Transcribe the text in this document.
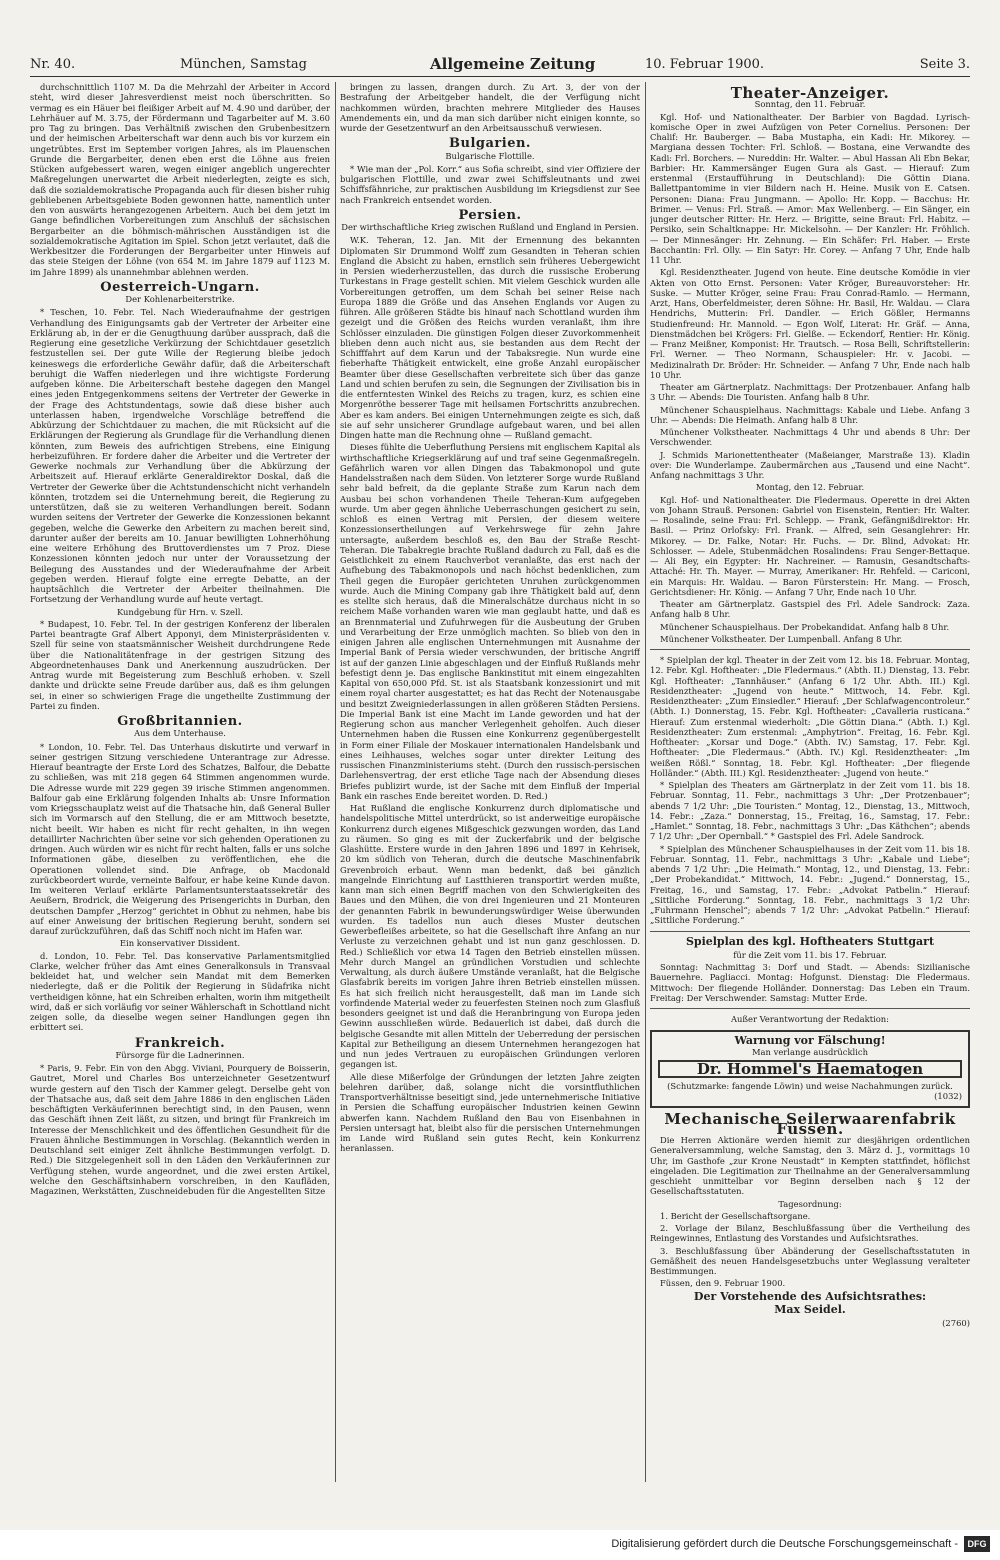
Nr. 40.	München, Samstag	Allgemeine Zeitung	10. Februar 1900.	Seite 3.

durchschnittlich 1107 M. Da die Mehrzahl der Arbeiter in Accord steht, wird dieser Jahresverdienst meist noch überschritten. So vermag es ein Häuer bei fleißiger Arbeit auf M. 4.90 und darüber, der Lehrhäuer auf M. 3.75, der Fördermann und Tagarbeiter auf M. 3.60 pro Tag zu bringen. Das Verhältniß zwischen den Grubenbesitzern und der heimischen Arbeiterschaft war denn auch bis vor kurzem ein ungetrübtes. Erst im September vorigen Jahres, als im Plauenschen Grunde die Bergarbeiter, denen eben erst die Löhne aus freien Stücken aufgebessert waren, wegen einiger angeblich ungerechter Maßregelungen unerwartet die Arbeit niederlegten, zeigte es sich, daß die sozialdemokratische Propaganda auch für diesen bisher ruhig gebliebenen Arbeitsgebiete Boden gewonnen hatte, namentlich unter den von auswärts herangezogenen Arbeitern. Auch bei dem jetzt im Gange befindlichen Vorbereitungen zum Anschluß der sächsischen Bergarbeiter an die böhmisch-mährischen Ausständigen ist die sozialdemokratische Agitation im Spiel. Schon jetzt verlautet, daß die Werkbesitzer die Forderungen der Bergarbeiter unter Hinweis auf das steie Steigen der Löhne (von 654 M. im Jahre 1879 auf 1123 M. im Jahre 1899) als unannehmbar ablehnen werden.

Oesterreich-Ungarn.
Der Kohlenarbeiterstrike.

* Teschen, 10. Febr. Tel. Nach Wiederaufnahme der gestrigen Verhandlung des Einigungsamts gab der Vertreter der Arbeiter eine Erklärung ab, in der er die Genugthuung darüber aussprach, daß die Regierung eine gesetzliche Verkürzung der Schichtdauer gesetzlich festzustellen sei. Der gute Wille der Regierung bleibe jedoch keineswegs die erforderliche Gewähr dafür, daß die Arbeiterschaft beruhigt die Waffen niederlegen und ihre wichtigste Forderung aufgeben könne. Die Arbeiterschaft bestehe dagegen den Mangel eines jeden Entgegenkommens seitens der Vertreter der Gewerke in der Frage des Achtstundentags, sowie daß diese bisher auch unterlassen haben, irgendwelche Vorschläge betreffend die Abkürzung der Schichtdauer zu machen, die mit Rücksicht auf die Erklärungen der Regierung als Grundlage für die Verhandlung dienen könnten, zum Beweis des aufrichtigen Strebens, eine Einigung herbeizuführen. Er fordere daher die Arbeiter und die Vertreter der Gewerke nochmals zur Verhandlung über die Abkürzung der Arbeitszeit auf. Hierauf erklärte Generaldirektor Doskal, daß die Vertreter der Gewerke über die Achtstundenschicht nicht verhandeln könnten, trotzdem sei die Unternehmung bereit, die Regierung zu unterstützen, daß sie zu weiteren Verhandlungen bereit. Sodann wurden seitens der Vertreter der Gewerke die Konzessionen bekannt gegeben, welche die Gewerke den Arbeitern zu machen bereit sind, darunter außer der bereits am 10. Januar bewilligten Lohnerhöhung eine weitere Erhöhung des Bruttoverdienstes um 7 Proz. Diese Konzessionen könnten jedoch nur unter der Voraussetzung der Beilegung des Ausstandes und der Wiederaufnahme der Arbeit gegeben werden. Hierauf folgte eine erregte Debatte, an der hauptsächlich die Vertreter der Arbeiter theilnahmen. Die Fortsetzung der Verhandlung wurde auf heute vertagt.

Kundgebung für Hrn. v. Szell.

* Budapest, 10. Febr. Tel. In der gestrigen Konferenz der liberalen Partei beantragte Graf Albert Apponyi, dem Ministerpräsidenten v. Szell für seine von staatsmännischer Weisheit durchdrungene Rede über die Nationalitätenfrage in der gestrigen Sitzung des Abgeordnetenhauses Dank und Anerkennung auszudrücken. Der Antrag wurde mit Begeisterung zum Beschluß erhoben. v. Szell dankte und drückte seine Freude darüber aus, daß es ihm gelungen sei, in einer so schwierigen Frage die ungetheilte Zustimmung der Partei zu finden.

Großbritannien.
Aus dem Unterhause.

* London, 10. Febr. Tel. Das Unterhaus diskutirte und verwarf in seiner gestrigen Sitzung verschiedene Unterantrage zur Adresse. Hierauf beantragte der Erste Lord des Schatzes, Balfour, die Debatte zu schließen, was mit 218 gegen 64 Stimmen angenommen wurde. Die Adresse wurde mit 229 gegen 39 irische Stimmen angenommen. Balfour gab eine Erklärung folgenden Inhalts ab: Unsre Information vom Kriegsschauplatz weist auf die Thatsache hin, daß General Buller sich im Vormarsch auf den Stellung, die er am Mittwoch besetzte, nicht beeilt. Wir haben es nicht für recht gehalten, in ihn wegen detaillirter Nachrichten über seine vor sich gehenden Operationen zu dringen. Auch würden wir es nicht für recht halten, falls er uns solche Informationen gäbe, dieselben zu veröffentlichen, ehe die Operationen vollendet sind. Die Anfrage, ob Macdonald zurückbeordert wurde, verneinte Balfour, er habe keine Kunde davon. Im weiteren Verlauf erklärte Parlamentsunterstaatssekretär des Aeußern, Brodrick, die Weigerung des Prisengerichts in Durban, den deutschen Dampfer „Herzog“ gerichtet in Obhut zu nehmen, habe bis auf einer Anweisung der britischen Regierung beruht, sondern sei darauf zurückzuführen, daß das Schiff noch nicht im Hafen war.

Ein konservativer Dissident.

d. London, 10. Febr. Tel. Das konservative Parlamentsmitglied Clarke, welcher früher das Amt eines Generalkonsuls in Transvaal bekleidet hat, und welcher sein Mandat mit dem Bemerken niederlegte, daß er die Politik der Regierung in Südafrika nicht vertheidigen könne, hat ein Schreiben erhalten, worin ihm mitgetheilt wird, daß er sich vorläufig vor seiner Wählerschaft in Schottland nicht zeigen solle, da dieselbe wegen seiner Handlungen gegen ihn erbittert sei.

Frankreich.
Fürsorge für die Ladnerinnen.

* Paris, 9. Febr. Ein von den Abgg. Viviani, Pourquery de Boisserin, Gautret, Morel und Charles Bos unterzeichneter Gesetzentwurf wurde gestern auf den Tisch der Kammer gelegt. Derselbe geht von der Thatsache aus, daß seit dem Jahre 1886 in den englischen Läden beschäftigten Verkäuferinnen berechtigt sind, in den Pausen, wenn das Geschäft ihnen Zeit läßt, zu sitzen, und bringt für Frankreich im Interesse der Menschlichkeit und des öffentlichen Gesundheit für die Frauen ähnliche Bestimmungen in Vorschlag. (Bekanntlich werden in Deutschland seit einiger Zeit ähnliche Bestimmungen verfolgt. D. Red.) Die Sitzgelegenheit soll in den Läden den Verkäuferinnen zur Verfügung stehen, wurde angeordnet, und die zwei ersten Artikel, welche den Geschäftsinhabern vorschreiben, in den Kaufläden, Magazinen, Werkstätten, Zuschneidebuden für die Angestellten Sitze

bringen zu lassen, drangen durch. Zu Art. 3, der von der Bestrafung der Arbeitgeber handelt, die der Verfügung nicht nachkommen würden, brachten mehrere Mitglieder des Hauses Amendements ein, und da man sich darüber nicht einigen konnte, so wurde der Gesetzentwurf an den Arbeitsausschuß verwiesen.

Bulgarien.
Bulgarische Flottille.

* Wie man der „Pol. Korr.“ aus Sofia schreibt, sind vier Offiziere der bulgarischen Flottille, und zwar zwei Schiffsleutnants und zwei Schiffsfähnriche, zur praktischen Ausbildung im Kriegsdienst zur See nach Frankreich entsendet worden.

Persien.
Der wirthschaftliche Krieg zwischen Rußland und England in Persien.

W.K. Teheran, 12. Jan. Mit der Ernennung des bekannten Diplomaten Sir Drummond Wolff zum Gesandten in Teheran schien England die Absicht zu haben, ernstlich sein früheres Uebergewicht in Persien wiederherzustellen, das durch die russische Eroberung Turkestans in Frage gestellt schien. Mit vielem Geschick wurden alle Vorbereitungen getroffen, um dem Schah bei seiner Reise nach Europa 1889 die Größe und das Ansehen Englands vor Augen zu führen. Alle größeren Städte bis hinauf nach Schottland wurden ihm gezeigt und die Größen des Reichs wurden veranlaßt, ihm ihre Schlösser einzuladen. Die günstigen Folgen dieser Zuvorkommenheit blieben denn auch nicht aus, sie bestanden aus dem Recht der Schifffahrt auf dem Karun und der Tabaksregie. Nun wurde eine fieberhafte Thätigkeit entwickelt, eine große Anzahl europäischer Beamter über diese Gesellschaften verbreitete sich über das ganze Land und schien berufen zu sein, die Segnungen der Zivilisation bis in die entferntesten Winkel des Reichs zu tragen, kurz, es schien eine Morgenröthe besserer Tage mit heilsamen Fortschritts anzubrechen. Aber es kam anders. Bei einigen Unternehmungen zeigte es sich, daß sie auf sehr unsicherer Grundlage aufgebaut waren, und bei allen Dingen hatte man die Rechnung ohne — Rußland gemacht.

Dieses fühlte die Ueberfluthung Persiens mit englischem Kapital als wirthschaftliche Kriegserklärung auf und traf seine Gegenmaßregeln. Gefährlich waren vor allen Dingen das Tabakmonopol und gute Handelsstraßen nach dem Süden. Von letzterer Sorge wurde Rußland sehr bald befreit, da die geplante Straße zum Karun nach dem Ausbau bei schon vorhandenen Theile Teheran-Kum aufgegeben wurde. Um aber gegen ähnliche Ueberraschungen gesichert zu sein, schloß es einen Vertrag mit Persien, der diesem weitere Konzessionsertheilungen auf Verkehrswege für zehn Jahre untersagte, außerdem beschloß es, den Bau der Straße Rescht-Teheran. Die Tabakregie brachte Rußland dadurch zu Fall, daß es die Geistlichkeit zu einem Rauchverbot veranlaßte, das erst nach der Aufhebung des Tabakmonopols und nach höchst bedenklichen, zum Theil gegen die Europäer gerichteten Unruhen zurückgenommen wurde. Auch die Mining Company gab ihre Thätigkeit bald auf, denn es stellte sich heraus, daß die Mineralschätze durchaus nicht in so reichem Maße vorhanden waren wie man geglaubt hatte, und daß es an Brennmaterial und Zufuhrwegen für die Ausbeutung der Gruben und Verarbeitung der Erze unmöglich machten. So blieb von den in einigen Jahren alle englischen Unternehmungen mit Ausnahme der Imperial Bank of Persia wieder verschwunden, der britische Angriff ist auf der ganzen Linie abgeschlagen und der Einfluß Rußlands mehr befestigt denn je. Das englische Bankinstitut mit einem eingezahlten Kapital von 650,000 Pfd. St. ist als Staatsbank konzessionirt und mit einem royal charter ausgestattet; es hat das Recht der Notenausgabe und besitzt Zweigniederlassungen in allen größeren Städten Persiens. Die Imperial Bank ist eine Macht im Lande geworden und hat der Regierung schon aus mancher Verlegenheit geholfen. Auch dieser Unternehmen haben die Russen eine Konkurrenz gegenübergestellt in Form einer Filiale der Moskauer internationalen Handelsbank und eines Leihhauses, welches sogar unter direkter Leitung des russischen Finanzministeriums steht. (Durch den russisch-persischen Darlehensvertrag, der erst etliche Tage nach der Absendung dieses Briefes publizirt wurde, ist der Sache mit dem Einfluß der Imperial Bank ein rasches Ende bereitet worden. D. Red.)

Hat Rußland die englische Konkurrenz durch diplomatische und handelspolitische Mittel unterdrückt, so ist anderweitige europäische Konkurrenz durch eigenes Mißgeschick gezwungen worden, das Land zu räumen. So ging es mit der Zuckerfabrik und der belgische Glashütte. Erstere wurde in den Jahren 1896 und 1897 in Kehrisek, 20 km südlich von Teheran, durch die deutsche Maschinenfabrik Grevenbroich erbaut. Wenn man bedenkt, daß bei gänzlich mangelnde Einrichtung auf Lastthieren transportirt werden mußte, kann man sich einen Begriff machen von den Schwierigkeiten des Baues und den Mühen, die von drei Ingenieuren und 21 Monteuren der genannten Fabrik in bewunderungswürdiger Weise überwunden wurden. Es tadellos nun auch dieses Muster deutschen Gewerbefleißes arbeitete, so hat die Gesellschaft ihre Anfang an nur Verluste zu verzeichnen gehabt und ist nun ganz geschlossen. D. Red.) Schließlich vor etwa 14 Tagen den Betrieb einstellen müssen. Mehr durch Mangel an gründlichen Vorstudien und schlechte Verwaltung, als durch äußere Umstände veranlaßt, hat die Belgische Glasfabrik bereits im vorigen Jahre ihren Betrieb einstellen müssen. Es hat sich freilich nicht herausgestellt, daß man im Lande sich vorfindende Material weder zu feuerfesten Steinen noch zum Glasfluß besonders geeignet ist und daß die Heranbringung von Europa jeden Gewinn ausschließen würde. Bedauerlich ist dabei, daß durch die belgische Gesandte mit allen Mitteln der Ueberredung der persischen Kapital zur Betheiligung an diesem Unternehmen herangezogen hat und nun jedes Vertrauen zu europäischen Gründungen verloren gegangen ist.

Alle diese Mißerfolge der Gründungen der letzten Jahre zeigten belehren darüber, daß, solange nicht die vorsintfluthlichen Transportverhältnisse beseitigt sind, jede unternehmerische Initiative in Persien die Schaffung europäischer Industrien keinen Gewinn abwerfen kann. Nachdem Rußland den Bau von Eisenbahnen in Persien untersagt hat, bleibt also für die persischen Unternehmungen im Lande wird Rußland sein gutes Recht, kein Konkurrenz heranlassen.

Theater-Anzeiger.

Sonntag, den 11. Februar.

Kgl. Hof- und Nationaltheater. Der Barbier von Bagdad. Lyrisch-komische Oper in zwei Aufzügen von Peter Cornelius. Personen: Der Chalif: Hr. Bauberger. — Baba Mustapha, ein Kadi: Hr. Mikorey. — Margiana dessen Tochter: Frl. Schloß. — Bostana, eine Verwandte des Kadi: Frl. Borchers. — Nureddin: Hr. Walter. — Abul Hassan Ali Ebn Bekar, Barbier: Hr. Kammersänger Eugen Gura als Gast. — Hierauf: Zum erstenmal (Erstaufführung in Deutschland): Die Göttin Diana. Ballettpantomime in vier Bildern nach H. Heine. Musik von E. Catsen. Personen: Diana: Frau Jungmann. — Apollo: Hr. Kopp. — Bacchus: Hr. Brimer. — Venus: Frl. Straß. — Amor: Max Wellenberg. — Ein Sänger, ein junger deutscher Ritter: Hr. Herz. — Brigitte, seine Braut: Frl. Habitz. — Persiko, sein Schaltknappe: Hr. Mickelsohn. — Der Kanzler: Hr. Fröhlich. — Der Minnesänger: Hr. Zehnung. — Ein Schäfer: Frl. Haber. — Erste Bacchantin: Frl. Olly. — Ein Satyr: Hr. Corey. — Anfang 7 Uhr, Ende halb 11 Uhr.

Kgl. Residenztheater. Jugend von heute. Eine deutsche Komödie in vier Akten von Otto Ernst. Personen: Vater Kröger, Bureauvorsteher: Hr. Suske. — Mutter Kröger, seine Frau: Frau Conrad-Ramlo. — Hermann, Arzt, Hans, Oberfeldmeister, deren Söhne: Hr. Basil, Hr. Waldau. — Clara Hendrichs, Mutterin: Frl. Dandler. — Erich Gößler, Hermanns Studienfreund: Hr. Mannold. — Egon Wolf, Literat: Hr. Gräf. — Anna, Dienstmädchen bei Krögers: Frl. Gielße. — Eckendorf, Rentier: Hr. König. — Franz Meißner, Komponist: Hr. Trautsch. — Rosa Belli, Schriftstellerin: Frl. Werner. — Theo Normann, Schauspieler: Hr. v. Jacobi. — Medizinalrath Dr. Bröder: Hr. Schneider. — Anfang 7 Uhr, Ende nach halb 10 Uhr.

Theater am Gärtnerplatz. Nachmittags: Der Protzenbauer. Anfang halb 3 Uhr. — Abends: Die Touristen. Anfang halb 8 Uhr.

Münchener Schauspielhaus. Nachmittags: Kabale und Liebe. Anfang 3 Uhr. — Abends: Die Heimath. Anfang halb 8 Uhr.

Münchener Volkstheater. Nachmittags 4 Uhr und abends 8 Uhr: Der Verschwender.

J. Schmids Marionettentheater (Maßeianger, Marstraße 13). Kladin over: Die Wunderlampe. Zaubermärchen aus „Tausend und eine Nacht“. Anfang nachmittags 3 Uhr.

Montag, den 12. Februar.

Kgl. Hof- und Nationaltheater. Die Fledermaus. Operette in drei Akten von Johann Strauß. Personen: Gabriel von Eisenstein, Rentier: Hr. Walter. — Rosalinde, seine Frau: Frl. Schlepp. — Frank, Gefängnißdirektor: Hr. Basil. — Prinz Orlofsky: Frl. Frank. — Alfred, sein Gesanglehrer: Hr. Mikorey. — Dr. Falke, Notar: Hr. Fuchs. — Dr. Blind, Advokat: Hr. Schlosser. — Adele, Stubenmädchen Rosalindens: Frau Senger-Bettaque. — Ali Bey, ein Egypter: Hr. Nachreiner. — Ramusin, Gesandtschafts-Attaché: Hr. Th. Mayer. — Murray, Amerikaner: Hr. Rehfeld. — Cariconi, ein Marquis: Hr. Waldau. — Baron Fürsterstein: Hr. Mang. — Frosch, Gerichtsdiener: Hr. König. — Anfang 7 Uhr, Ende nach 10 Uhr.

Theater am Gärtnerplatz. Gastspiel des Frl. Adele Sandrock: Zaza. Anfang halb 8 Uhr.

Münchener Schauspielhaus. Der Probekandidat. Anfang halb 8 Uhr.

Münchener Volkstheater. Der Lumpenball. Anfang 8 Uhr.

* Spielplan der kgl. Theater in der Zeit vom 12. bis 18. Februar. Montag, 12. Febr. Kgl. Hoftheater: „Die Fledermaus.“ (Abth. II.) Dienstag, 13. Febr. Kgl. Hoftheater: „Tannhäuser.“ (Anfang 6 1/2 Uhr. Abth. III.) Kgl. Residenztheater: „Jugend von heute.“ Mittwoch, 14. Febr. Kgl. Residenztheater: „Zum Einsiedler.“ Hierauf: „Der Schlafwagencontroleur.“ (Abth. I.) Donnerstag, 15. Febr. Kgl. Hoftheater: „Cavalleria rusticana.“ Hierauf: Zum erstenmal wiederholt: „Die Göttin Diana.“ (Abth. I.) Kgl. Residenztheater: Zum erstenmal: „Amphytrion“. Freitag, 16. Febr. Kgl. Hoftheater: „Korsar und Doge.“ (Abth. IV.) Samstag, 17. Febr. Kgl. Hoftheater: „Die Fledermaus.“ (Abth. IV.) Kgl. Residenztheater: „Im weißen Rößl.“ Sonntag, 18. Febr. Kgl. Hoftheater: „Der fliegende Holländer.“ (Abth. III.) Kgl. Residenztheater: „Jugend von heute.“

* Spielplan des Theaters am Gärtnerplatz in der Zeit vom 11. bis 18. Februar. Sonntag, 11. Febr., nachmittags 3 Uhr: „Der Protzenbauer“; abends 7 1/2 Uhr: „Die Touristen.“ Montag, 12., Dienstag, 13., Mittwoch, 14. Febr.: „Zaza.“ Donnerstag, 15., Freitag, 16., Samstag, 17. Febr.: „Hamlet.“ Sonntag, 18. Febr., nachmittags 3 Uhr: „Das Käthchen“; abends 7 1/2 Uhr: „Der Opernball.“ * Gastspiel des Frl. Adele Sandrock.

* Spielplan des Münchener Schauspielhauses in der Zeit vom 11. bis 18. Februar. Sonntag, 11. Febr., nachmittags 3 Uhr: „Kabale und Liebe“; abends 7 1/2 Uhr: „Die Heimath.“ Montag, 12., und Dienstag, 13. Febr.: „Der Probekandidat.“ Mittwoch, 14. Febr.: „Jugend.“ Donnerstag, 15., Freitag, 16., und Samstag, 17. Febr.: „Advokat Patbelin.“ Hierauf: „Sittliche Forderung.“ Sonntag, 18. Febr., nachmittags 3 1/2 Uhr: „Fuhrmann Henschel“; abends 7 1/2 Uhr: „Advokat Patbelin.“ Hierauf: „Sittliche Forderung.“

Spielplan des kgl. Hoftheaters Stuttgart

für die Zeit vom 11. bis 17. Februar.

Sonntag: Nachmittag 3: Dorf und Stadt. — Abends: Sizilianische Bauernehre. Pagliacci. Montag: Hofgunst. Dienstag: Die Fledermaus. Mittwoch: Der fliegende Holländer. Donnerstag: Das Leben ein Traum. Freitag: Der Verschwender. Samstag: Mutter Erde.

Außer Verantwortung der Redaktion:

Warnung vor Fälschung!
Man verlange ausdrücklich
Dr. Hommel's Haematogen
(Schutzmarke: fangende Löwin) und weise Nachahmungen zurück.
(1032)
Mechanische Seilerwaarenfabrik Füssen.

Die Herren Aktionäre werden hiemit zur diesjährigen ordentlichen Generalversammlung, welche Samstag, den 3. März d. J., vormittags 10 Uhr, im Gasthofe „zur Krone Neustadt“ in Kempten stattfindet, höflichst eingeladen. Die Legitimation zur Theilnahme an der Generalversammlung geschieht unmittelbar vor Beginn derselben nach § 12 der Gesellschaftsstatuten.

Tagesordnung:

1. Bericht der Gesellschaftsorgane.

2. Vorlage der Bilanz, Beschlußfassung über die Vertheilung des Reingewinnes, Entlastung des Vorstandes und Aufsichtsrathes.

3. Beschlußfassung über Abänderung der Gesellschaftsstatuten in Gemäßheit des neuen Handelsgesetzbuchs unter Weglassung veralteter Bestimmungen.

Füssen, den 9. Februar 1900.

Der Vorstehende des Aufsichtsrathes:

Max Seidel.

(2760)

Digitalisierung gefördert durch die Deutsche Forschungsgemeinschaft -	DFG
